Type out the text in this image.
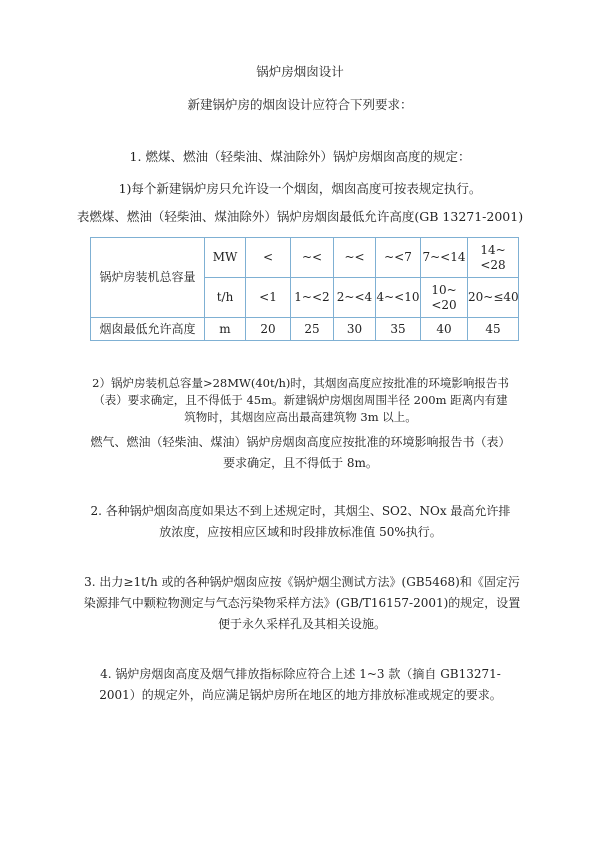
锅炉房烟囱设计
新建锅炉房的烟囱设计应符合下列要求：
1. 燃煤、燃油（轻柴油、煤油除外）锅炉房烟囱高度的规定：
1)每个新建锅炉房只允许设一个烟囱，烟囱高度可按表规定执行。
表燃煤、燃油（轻柴油、煤油除外）锅炉房烟囱最低允许高度(GB 13271-2001)
锅炉房装机总容量	MW	<	~<	~<	~<7	7~<14	14~<28
	t/h	<1	1~<2	2~<4	4~<10	10~<20	20~≤40
烟囱最低允许高度	m	20	25	30	35	40	45
2）锅炉房装机总容量>28MW(40t/h)时，其烟囱高度应按批准的环境影响报告书（表）要求确定，且不得低于 45m。新建锅炉房烟囱周围半径 200m 距离内有建筑物时，其烟囱应高出最高建筑物 3m 以上。
燃气、燃油（轻柴油、煤油）锅炉房烟囱高度应按批准的环境影响报告书（表）要求确定，且不得低于 8m。
2. 各种锅炉烟囱高度如果达不到上述规定时，其烟尘、SO2、NOx 最高允许排放浓度，应按相应区域和时段排放标准值 50%执行。
3. 出力≥1t/h 或的各种锅炉烟囱应按《锅炉烟尘测试方法》(GB5468)和《固定污染源排气中颗粒物测定与气态污染物采样方法》(GB/T16157-2001)的规定，设置便于永久采样孔及其相关设施。
4. 锅炉房烟囱高度及烟气排放指标除应符合上述 1~3 款（摘自 GB13271-2001）的规定外，尚应满足锅炉房所在地区的地方排放标准或规定的要求。
